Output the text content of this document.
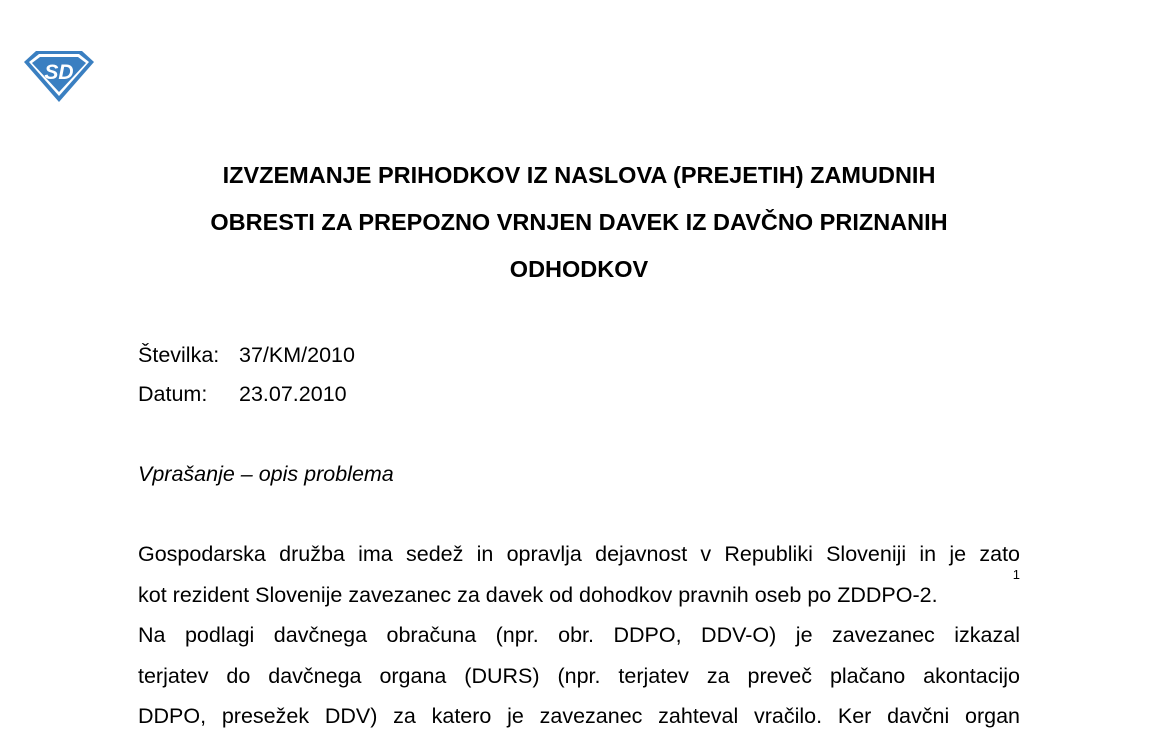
SD
IZVZEMANJE PRIHODKOV IZ NASLOVA (PREJETIH) ZAMUDNIH
OBRESTI ZA PREPOZNO VRNJEN DAVEK IZ DAVČNO PRIZNANIH
ODHODKOV
Številka: 37/KM/2010
Datum:	23.07.2010
Vprašanje – opis problema
Gospodarska družba ima sedež in opravlja dejavnost v Republiki Sloveniji in je zato
kot rezident Slovenije zavezanec za davek od dohodkov pravnih oseb po ZDDPO-2.
1
Na podlagi davčnega obračuna (npr. obr. DDPO, DDV-O) je zavezanec izkazal
terjatev do davčnega organa (DURS) (npr. terjatev za preveč plačano akontacijo
DDPO, presežek DDV) za katero je zavezanec zahteval vračilo. Ker davčni organ
